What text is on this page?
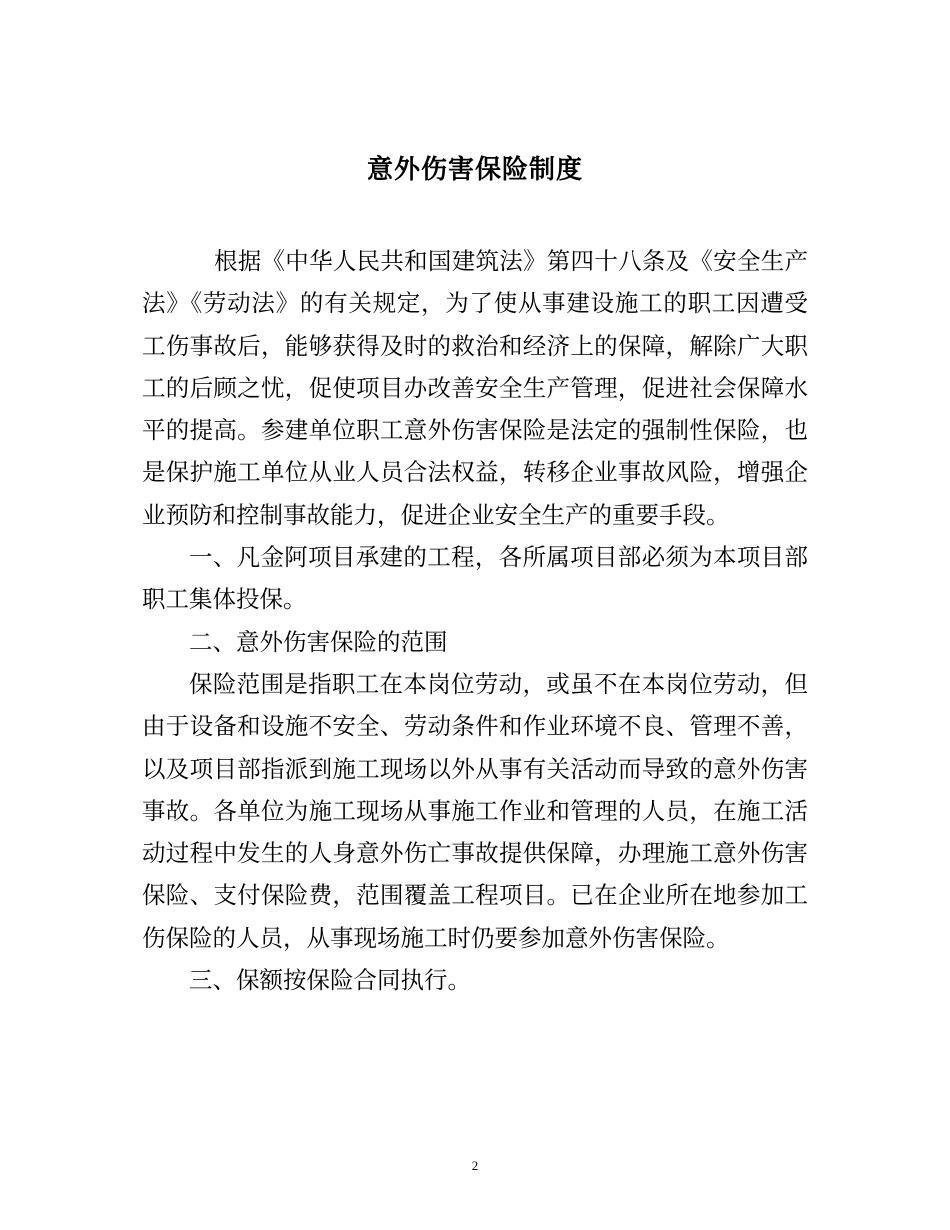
意外伤害保险制度

根据《中华人民共和国建筑法》第四十八条及《安全生产法》《劳动法》的有关规定，为了使从事建设施工的职工因遭受工伤事故后，能够获得及时的救治和经济上的保障，解除广大职工的后顾之忧，促使项目办改善安全生产管理，促进社会保障水平的提高。参建单位职工意外伤害保险是法定的强制性保险，也是保护施工单位从业人员合法权益，转移企业事故风险，增强企业预防和控制事故能力，促进企业安全生产的重要手段。

一、凡金阿项目承建的工程，各所属项目部必须为本项目部职工集体投保。

二、意外伤害保险的范围

保险范围是指职工在本岗位劳动，或虽不在本岗位劳动，但由于设备和设施不安全、劳动条件和作业环境不良、管理不善，以及项目部指派到施工现场以外从事有关活动而导致的意外伤害事故。各单位为施工现场从事施工作业和管理的人员，在施工活动过程中发生的人身意外伤亡事故提供保障，办理施工意外伤害保险、支付保险费，范围覆盖工程项目。已在企业所在地参加工伤保险的人员，从事现场施工时仍要参加意外伤害保险。

三、保额按保险合同执行。

2
